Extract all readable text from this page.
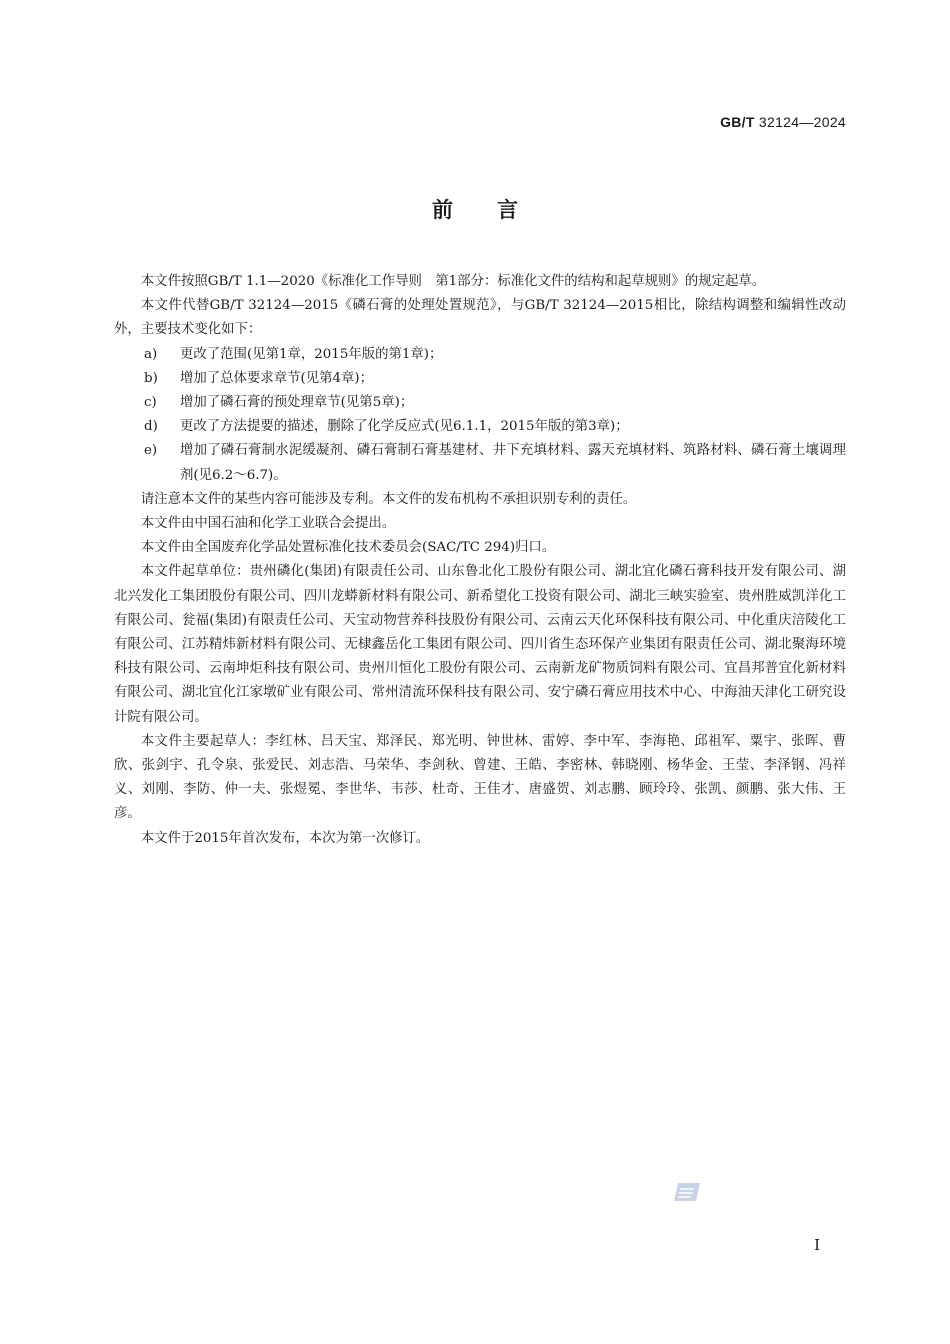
GB/T 32124—2024
前言

本文件按照GB/T 1.1—2020《标准化工作导则　第1部分：标准化文件的结构和起草规则》的规定起草。

本文件代替GB/T 32124—2015《磷石膏的处理处置规范》，与GB/T 32124—2015相比，除结构调整和编辑性改动外，主要技术变化如下：

a) 更改了范围(见第1章，2015年版的第1章)；
b) 增加了总体要求章节(见第4章)；
c) 增加了磷石膏的预处理章节(见第5章)；
d) 更改了方法提要的描述，删除了化学反应式(见6.1.1，2015年版的第3章)；
e) 增加了磷石膏制水泥缓凝剂、磷石膏制石膏基建材、井下充填材料、露天充填材料、筑路材料、磷石膏土壤调理剂(见6.2～6.7)。

请注意本文件的某些内容可能涉及专利。本文件的发布机构不承担识别专利的责任。

本文件由中国石油和化学工业联合会提出。

本文件由全国废弃化学品处置标准化技术委员会(SAC/TC 294)归口。

本文件起草单位：贵州磷化(集团)有限责任公司、山东鲁北化工股份有限公司、湖北宜化磷石膏科技开发有限公司、湖北兴发化工集团股份有限公司、四川龙蟒新材料有限公司、新希望化工投资有限公司、湖北三峡实验室、贵州胜威凯洋化工有限公司、瓮福(集团)有限责任公司、天宝动物营养科技股份有限公司、云南云天化环保科技有限公司、中化重庆涪陵化工有限公司、江苏精炜新材料有限公司、无棣鑫岳化工集团有限公司、四川省生态环保产业集团有限责任公司、湖北聚海环境科技有限公司、云南坤炬科技有限公司、贵州川恒化工股份有限公司、云南新龙矿物质饲料有限公司、宜昌邦普宜化新材料有限公司、湖北宜化江家墩矿业有限公司、常州清流环保科技有限公司、安宁磷石膏应用技术中心、中海油天津化工研究设计院有限公司。

本文件主要起草人：李红林、吕天宝、郑泽民、郑光明、钟世林、雷婷、李中军、李海艳、邱祖军、粟宇、张晖、曹欣、张剑宇、孔令泉、张爱民、刘志浩、马荣华、李剑秋、曾建、王皓、李密林、韩晓刚、杨华金、王莹、李泽钢、冯祥义、刘刚、李防、仲一夫、张煜冕、李世华、韦莎、杜奇、王佳才、唐盛贺、刘志鹏、顾玲玲、张凯、颜鹏、张大伟、王彦。

本文件于2015年首次发布，本次为第一次修订。

I
